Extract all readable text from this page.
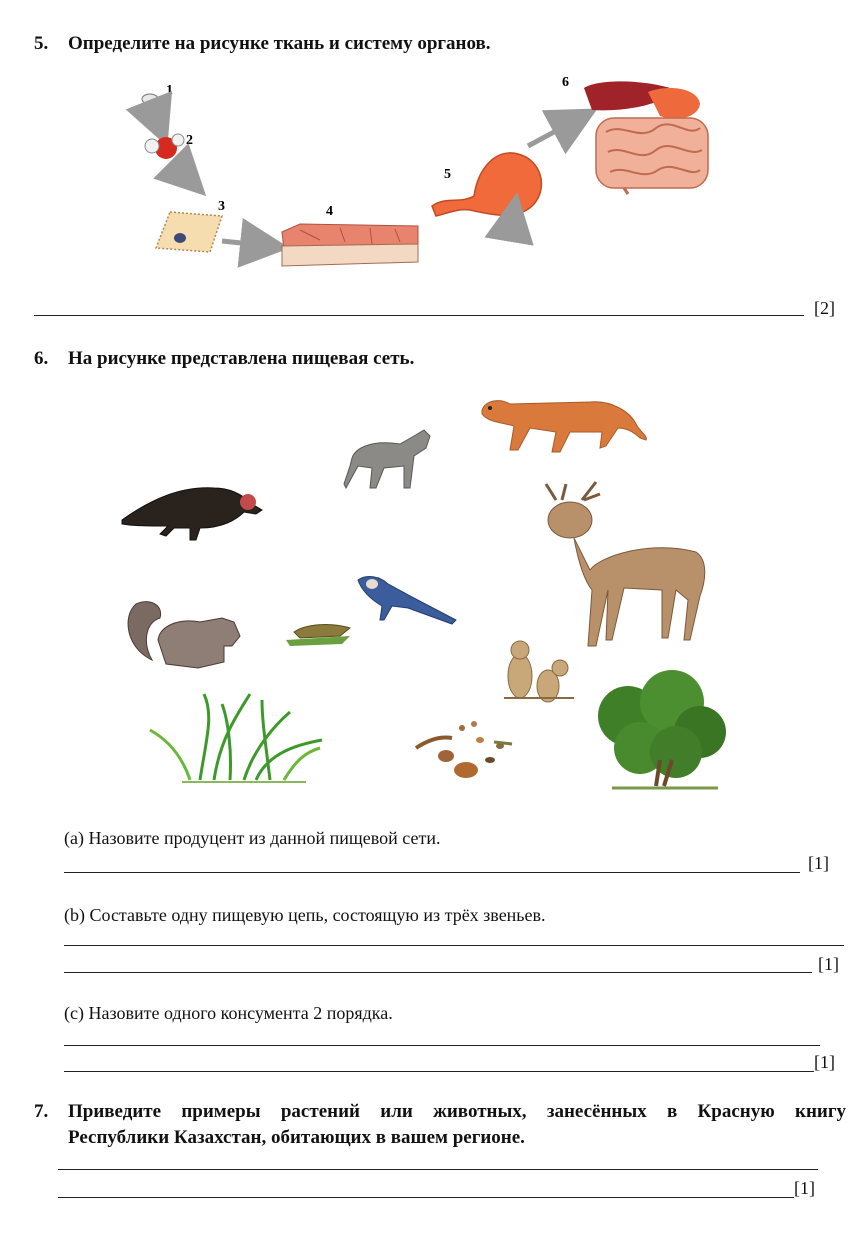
5. Определите на рисунке ткань и систему органов.
1
2
3	4
5
6
[2]
6. На рисунке представлена пищевая сеть.
(a) Назовите продуцент из данной пищевой сети.
[1]
(b) Составьте одну пищевую цепь, состоящую из трёх звеньев.
[1]
(c) Назовите одного консумента 2 порядка.
[1]
7.	Приведите примеры растений или животных, занесённых в Красную книгу
Республики Казахстан, обитающих в вашем регионе.
[1]
